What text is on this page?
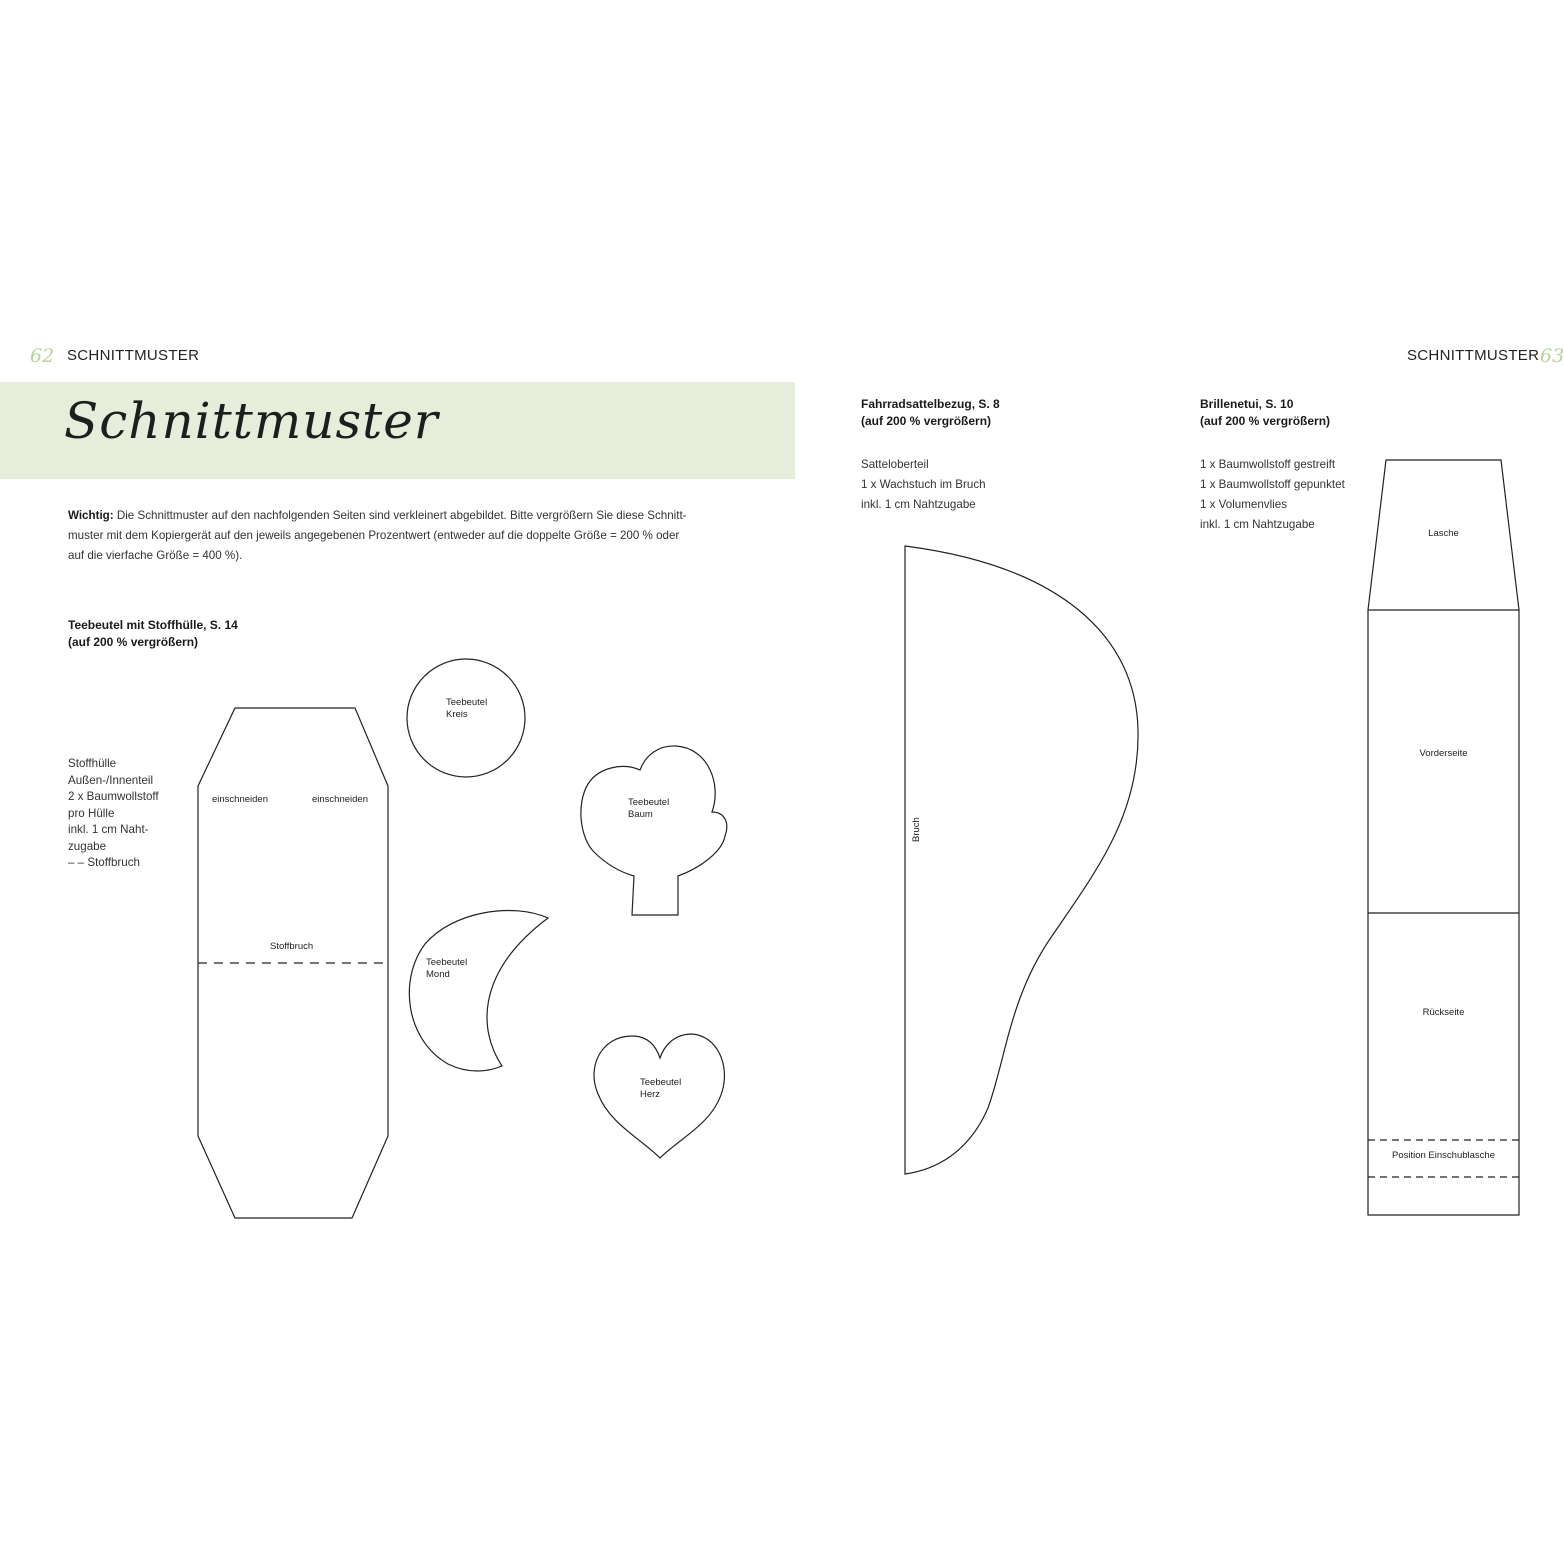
62 SCHNITTMUSTER
Schnittmuster
Wichtig: Die Schnittmuster auf den nachfolgenden Seiten sind verkleinert abgebildet. Bitte vergrößern Sie diese Schnitt-
muster mit dem Kopiergerät auf den jeweils angegebenen Prozentwert (entweder auf die doppelte Größe = 200 % oder
auf die vierfache Größe = 400 %).
Teebeutel mit Stoffhülle, S. 14
(auf 200 % vergrößern)
Stoffhülle
Außen-/Innenteil
2 x Baumwollstoff
pro Hülle
inkl. 1 cm Naht-
zugabe
– – Stoffbruch
einschneiden	einschneiden
Stoffbruch
Teebeutel
Kreis
Teebeutel
Baum
Teebeutel
Mond
Teebeutel
Herz
SCHNITTMUSTER 63
Fahrradsattelbezug, S. 8
(auf 200 % vergrößern)
Satteloberteil
1 x Wachstuch im Bruch
inkl. 1 cm Nahtzugabe
Bruch
Brillenetui, S. 10
(auf 200 % vergrößern)
1 x Baumwollstoff gestreift
1 x Baumwollstoff gepunktet
1 x Volumenvlies
inkl. 1 cm Nahtzugabe
Lasche
Vorderseite
Rückseite
Position Einschublasche
